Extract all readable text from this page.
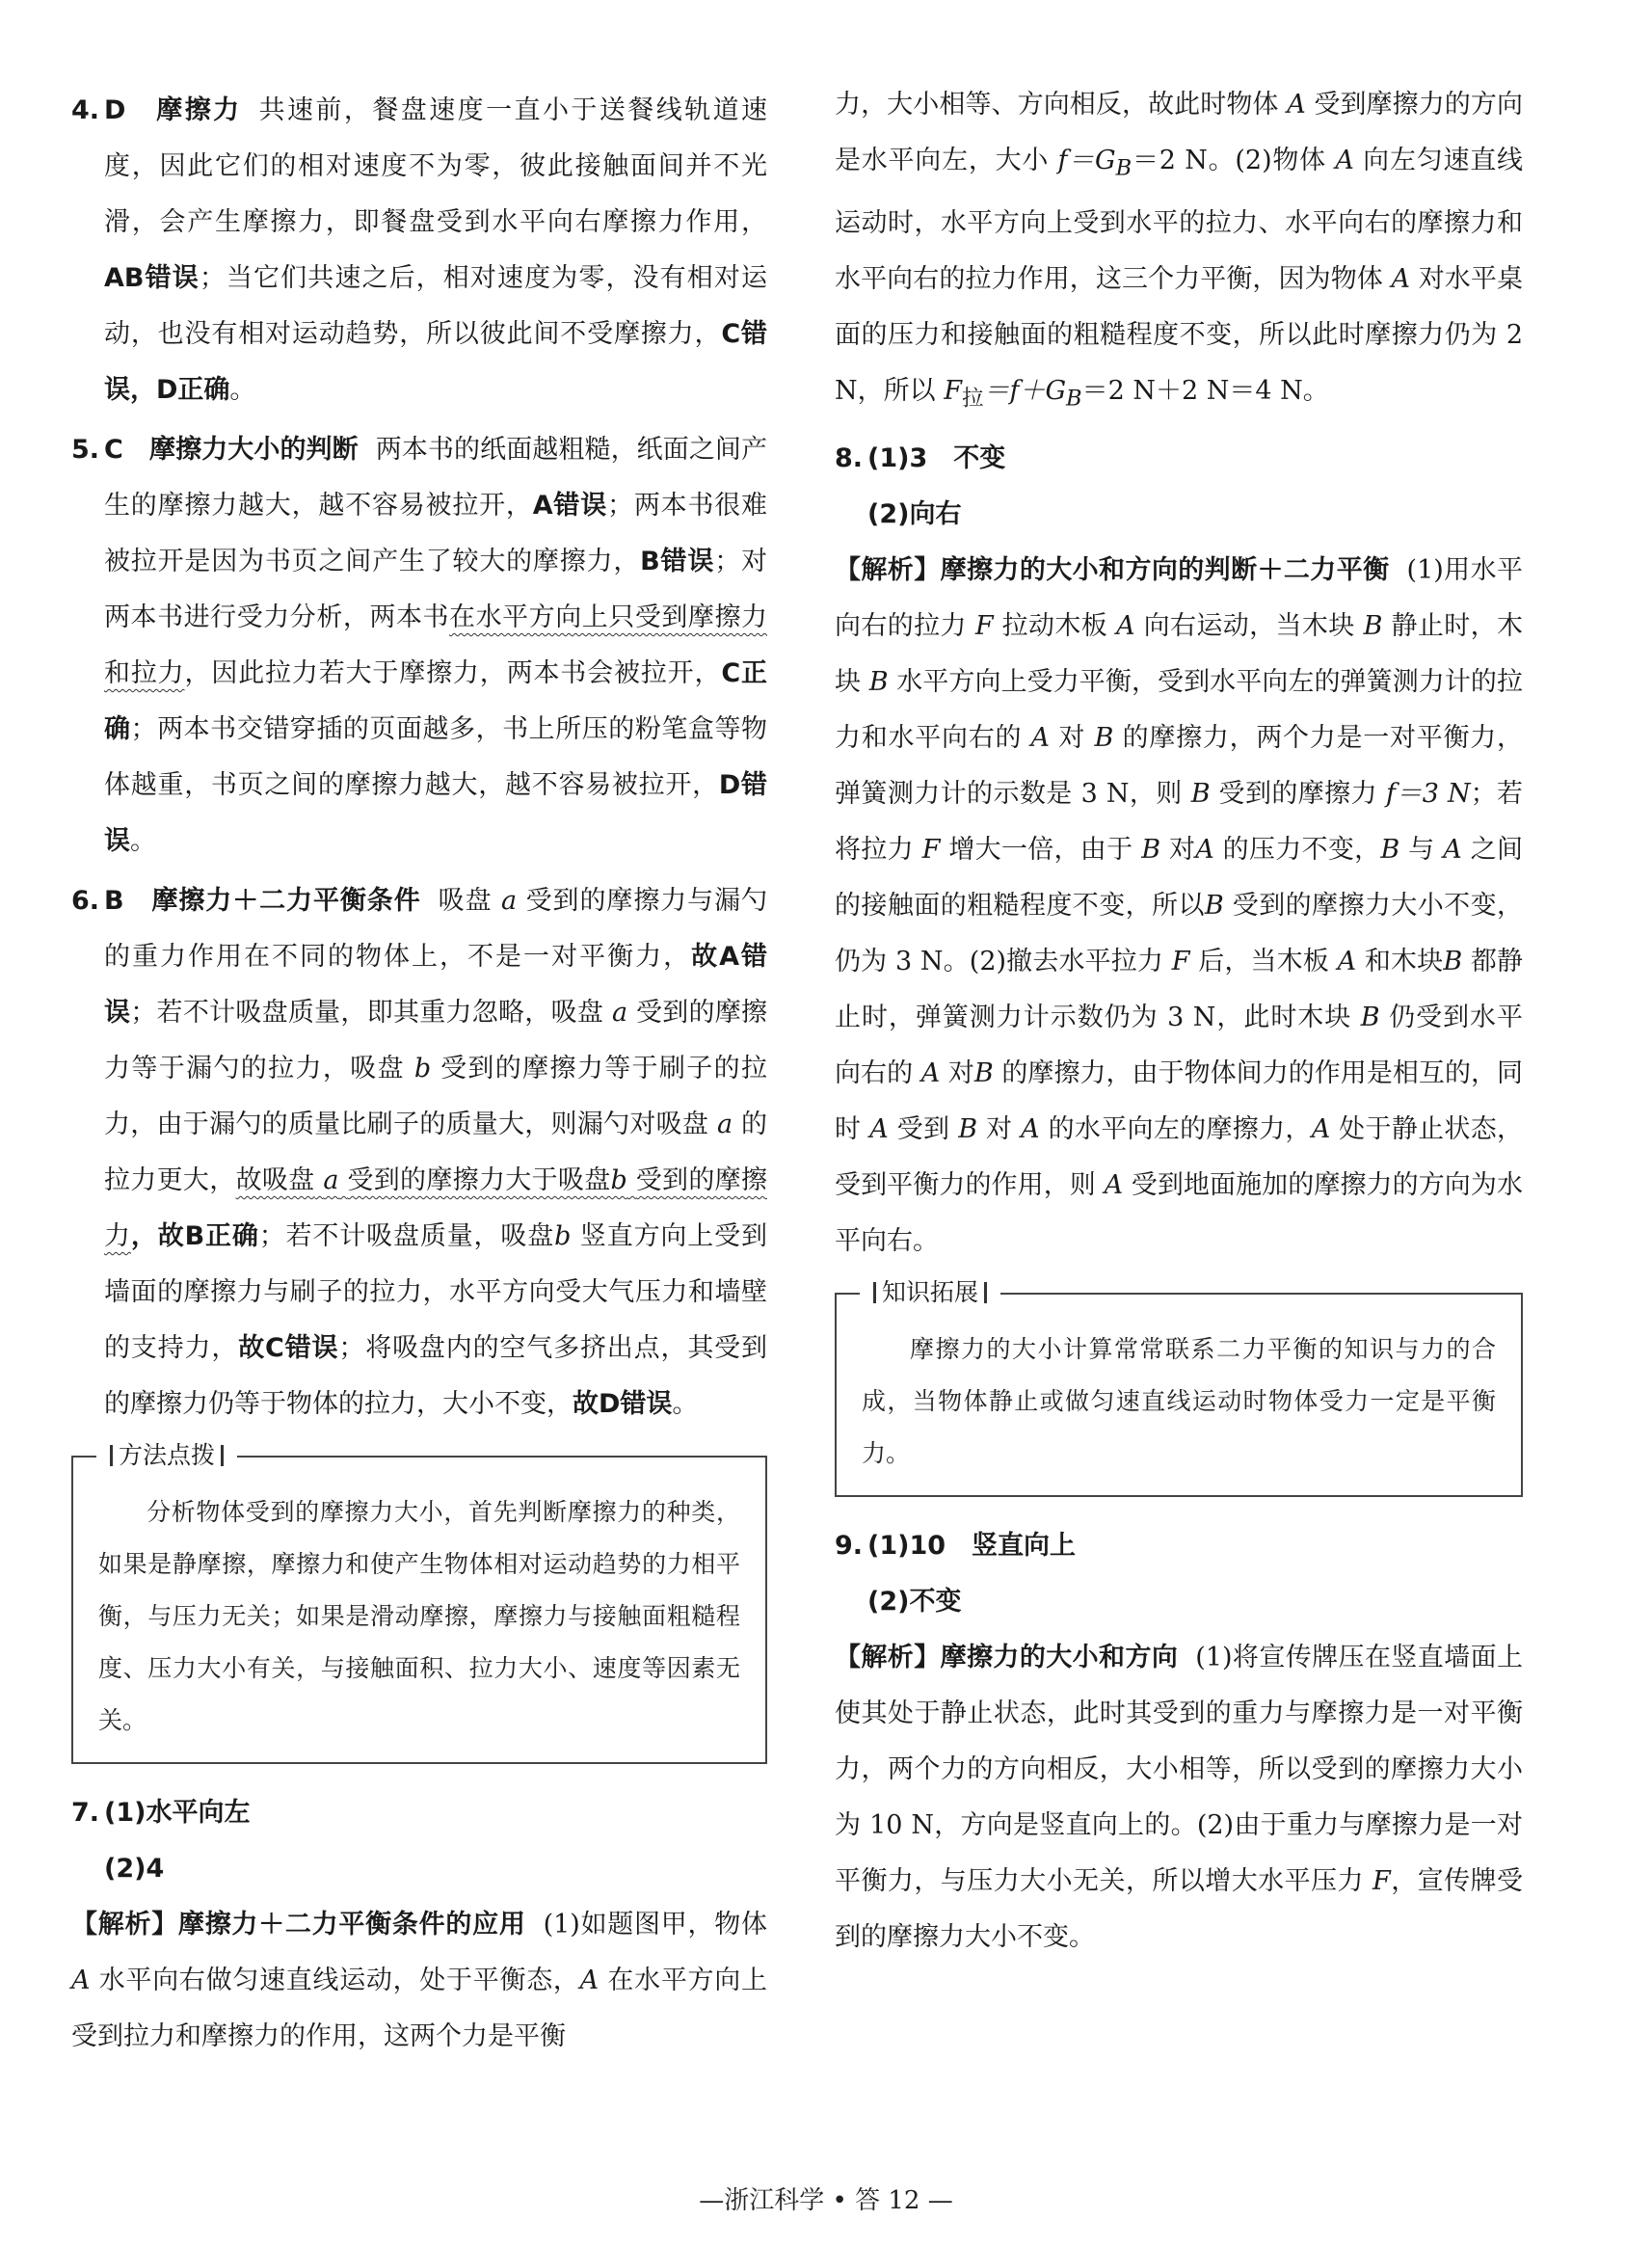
4. D　 摩擦力 共速前，餐盘速度一直小于送餐线轨道速度，因此它们的相对速度不为零，彼此接触面间并不光滑，会产生摩擦力，即餐盘受到水平向右摩擦力作用，AB错误；当它们共速之后，相对速度为零，没有相对运动，也没有相对运动趋势，所以彼此间不受摩擦力，C错误，D正确。

5. C　 摩擦力大小的判断 两本书的纸面越粗糙，纸面之间产生的摩擦力越大，越不容易被拉开，A错误；两本书很难被拉开是因为书页之间产生了较大的摩擦力，B错误；对两本书进行受力分析，两本书在水平方向上只受到摩擦力和拉力，因此拉力若大于摩擦力，两本书会被拉开，C正确；两本书交错穿插的页面越多，书上所压的粉笔盒等物体越重，书页之间的摩擦力越大，越不容易被拉开，D错误。

6. B　 摩擦力＋二力平衡条件 吸盘 a 受到的摩擦力与漏勺的重力作用在不同的物体上，不是一对平衡力，故A错误；若不计吸盘质量，即其重力忽略，吸盘 a 受到的摩擦力等于漏勺的拉力，吸盘 b 受到的摩擦力等于刷子的拉力，由于漏勺的质量比刷子的质量大，则漏勺对吸盘 a 的拉力更大，故吸盘 a 受到的摩擦力大于吸盘b 受到的摩擦力，故B正确；若不计吸盘质量，吸盘b 竖直方向上受到墙面的摩擦力与刷子的拉力，水平方向受大气压力和墙壁的支持力，故C错误；将吸盘内的空气多挤出点，其受到的摩擦力仍等于物体的拉力，大小不变，故D错误。

方法点拨

分析物体受到的摩擦力大小，首先判断摩擦力的种类，如果是静摩擦，摩擦力和使产生物体相对运动趋势的力相平衡，与压力无关；如果是滑动摩擦，摩擦力与接触面粗糙程度、压力大小有关，与接触面积、拉力大小、速度等因素无关。

7. (1)水平向左
(2)4

【解析】摩擦力＋二力平衡条件的应用 (1)如题图甲，物体 A 水平向右做匀速直线运动，处于平衡态，A 在水平方向上受到拉力和摩擦力的作用，这两个力是平衡

力，大小相等、方向相反，故此时物体 A 受到摩擦力的方向是水平向左，大小 $f=G_B=2$ N。(2)物体 A 向左匀速直线运动时，水平方向上受到水平的拉力、水平向右的摩擦力和水平向右的拉力作用，这三个力平衡，因为物体 A 对水平桌面的压力和接触面的粗糙程度不变，所以此时摩擦力仍为 2 N，所以 $F_拉=f+G_B=2$ N＋2 N＝4 N。

8. (1)3　不变
(2)向右

【解析】摩擦力的大小和方向的判断＋二力平衡 (1)用水平向右的拉力 F 拉动木板 A 向右运动，当木块 B 静止时，木块 B 水平方向上受力平衡，受到水平向左的弹簧测力计的拉力和水平向右的 A 对 B 的摩擦力，两个力是一对平衡力，弹簧测力计的示数是 3 N，则 B 受到的摩擦力 f＝3 N；若将拉力 F 增大一倍，由于 B 对A 的压力不变，B 与 A 之间的接触面的粗糙程度不变，所以B 受到的摩擦力大小不变，仍为 3 N。(2)撤去水平拉力 F 后，当木板 A 和木块B 都静止时，弹簧测力计示数仍为 3 N，此时木块 B 仍受到水平向右的 A 对B 的摩擦力，由于物体间力的作用是相互的，同时 A 受到 B 对 A 的水平向左的摩擦力，A 处于静止状态，受到平衡力的作用，则 A 受到地面施加的摩擦力的方向为水平向右。

知识拓展

摩擦力的大小计算常常联系二力平衡的知识与力的合成，当物体静止或做匀速直线运动时物体受力一定是平衡力。

9. (1)10　竖直向上
(2)不变

【解析】摩擦力的大小和方向 (1)将宣传牌压在竖直墙面上使其处于静止状态，此时其受到的重力与摩擦力是一对平衡力，两个力的方向相反，大小相等，所以受到的摩擦力大小为 10 N，方向是竖直向上的。(2)由于重力与摩擦力是一对平衡力，与压力大小无关，所以增大水平压力 F，宣传牌受到的摩擦力大小不变。

—浙江科学 • 答 12 —
